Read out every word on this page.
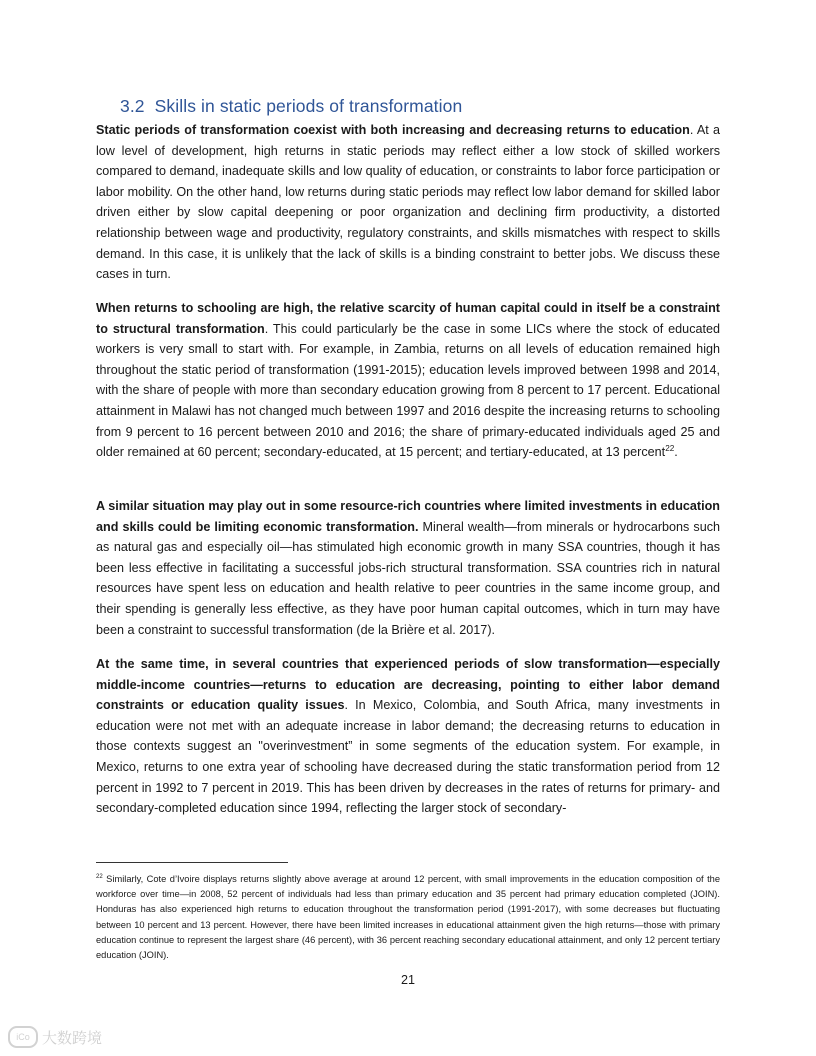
3.2 Skills in static periods of transformation

Static periods of transformation coexist with both increasing and decreasing returns to education. At a low level of development, high returns in static periods may reflect either a low stock of skilled workers compared to demand, inadequate skills and low quality of education, or constraints to labor force participation or labor mobility. On the other hand, low returns during static periods may reflect low labor demand for skilled labor driven either by slow capital deepening or poor organization and declining firm productivity, a distorted relationship between wage and productivity, regulatory constraints, and skills mismatches with respect to skills demand. In this case, it is unlikely that the lack of skills is a binding constraint to better jobs. We discuss these cases in turn.

When returns to schooling are high, the relative scarcity of human capital could in itself be a constraint to structural transformation. This could particularly be the case in some LICs where the stock of educated workers is very small to start with. For example, in Zambia, returns on all levels of education remained high throughout the static period of transformation (1991-2015); education levels improved between 1998 and 2014, with the share of people with more than secondary education growing from 8 percent to 17 percent. Educational attainment in Malawi has not changed much between 1997 and 2016 despite the increasing returns to schooling from 9 percent to 16 percent between 2010 and 2016; the share of primary-educated individuals aged 25 and older remained at 60 percent; secondary-educated, at 15 percent; and tertiary-educated, at 13 percent$^{22}$.

A similar situation may play out in some resource-rich countries where limited investments in education and skills could be limiting economic transformation. Mineral wealth—from minerals or hydrocarbons such as natural gas and especially oil—has stimulated high economic growth in many SSA countries, though it has been less effective in facilitating a successful jobs-rich structural transformation. SSA countries rich in natural resources have spent less on education and health relative to peer countries in the same income group, and their spending is generally less effective, as they have poor human capital outcomes, which in turn may have been a constraint to successful transformation (de la Brière et al. 2017).

At the same time, in several countries that experienced periods of slow transformation—especially middle-income countries—returns to education are decreasing, pointing to either labor demand constraints or education quality issues. In Mexico, Colombia, and South Africa, many investments in education were not met with an adequate increase in labor demand; the decreasing returns to education in those contexts suggest an "overinvestment” in some segments of the education system. For example, in Mexico, returns to one extra year of schooling have decreased during the static transformation period from 12 percent in 1992 to 7 percent in 2019. This has been driven by decreases in the rates of returns for primary- and secondary-completed education since 1994, reflecting the larger stock of secondary-

$^{22}$ Similarly, Cote d’Ivoire displays returns slightly above average at around 12 percent, with small improvements in the education composition of the workforce over time—in 2008, 52 percent of individuals had less than primary education and 35 percent had primary education completed (JOIN). Honduras has also experienced high returns to education throughout the transformation period (1991-2017), with some decreases but fluctuating between 10 percent and 13 percent. However, there have been limited increases in educational attainment given the high returns—those with primary education continue to represent the largest share (46 percent), with 36 percent reaching secondary educational attainment, and only 12 percent tertiary education (JOIN).

21
iCo 大数跨境
